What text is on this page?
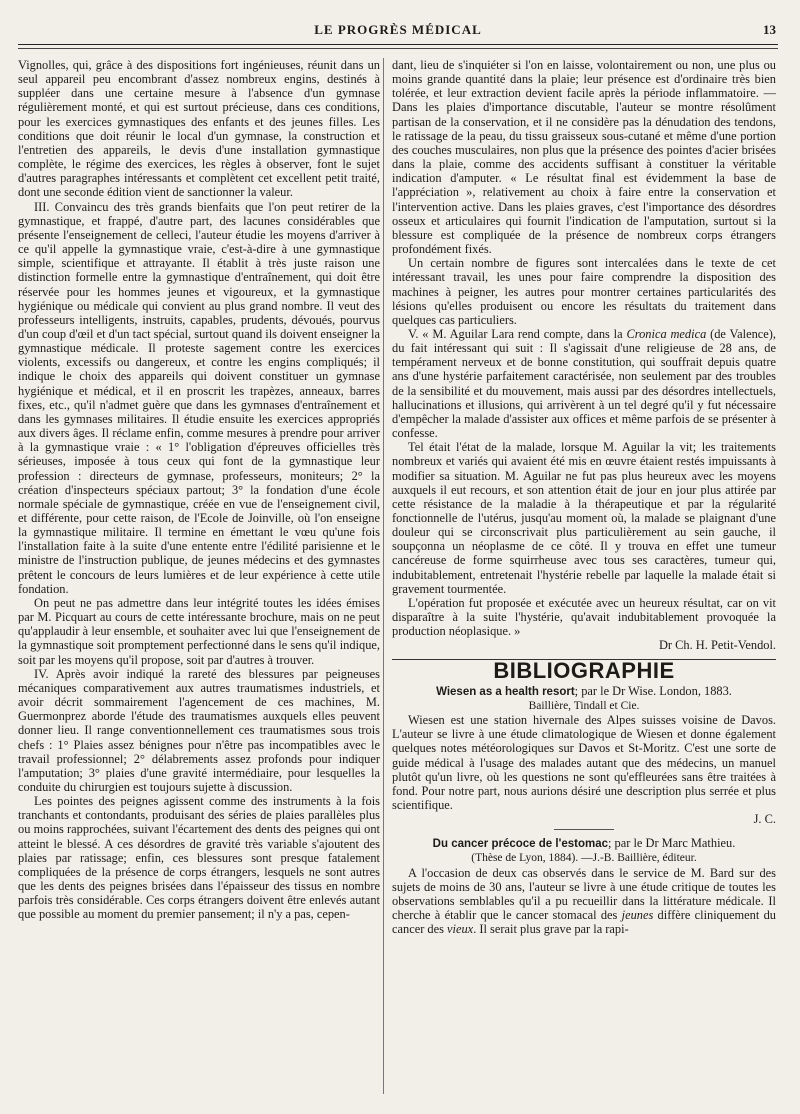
LE PROGRÈS MÉDICAL	13

Vignolles, qui, grâce à des dispositions fort ingénieuses, réunit dans un seul appareil peu encombrant d'assez nombreux engins, destinés à suppléer dans une certaine mesure à l'absence d'un gymnase régulièrement monté, et qui est surtout précieuse, dans ces conditions, pour les exercices gymnastiques des enfants et des jeunes filles. Les conditions que doit réunir le local d'un gymnase, la construction et l'entretien des appareils, le devis d'une installation gymnastique complète, le régime des exercices, les règles à observer, font le sujet d'autres paragraphes intéressants et complètent cet excellent petit traité, dont une seconde édition vient de sanctionner la valeur.

III. Convaincu des très grands bienfaits que l'on peut retirer de la gymnastique, et frappé, d'autre part, des lacunes considérables que présente l'enseignement de celleci, l'auteur étudie les moyens d'arriver à ce qu'il appelle la gymnastique vraie, c'est-à-dire à une gymnastique simple, scientifique et attrayante. Il établit à très juste raison une distinction formelle entre la gymnastique d'entraînement, qui doit être réservée pour les hommes jeunes et vigoureux, et la gymnastique hygiénique ou médicale qui convient au plus grand nombre. Il veut des professeurs intelligents, instruits, capables, prudents, dévoués, pourvus d'un coup d'œil et d'un tact spécial, surtout quand ils doivent enseigner la gymnastique médicale. Il proteste sagement contre les exercices violents, excessifs ou dangereux, et contre les engins compliqués; il indique le choix des appareils qui doivent constituer un gymnase hygiénique et médical, et il en proscrit les trapèzes, anneaux, barres fixes, etc., qu'il n'admet guère que dans les gymnases d'entraînement et dans les gymnases militaires. Il étudie ensuite les exercices appropriés aux divers âges. Il réclame enfin, comme mesures à prendre pour arriver à la gymnastique vraie : « 1° l'obligation d'épreuves officielles très sérieuses, imposée à tous ceux qui font de la gymnastique leur profession : directeurs de gymnase, professeurs, moniteurs; 2° la création d'inspecteurs spéciaux partout; 3° la fondation d'une école normale spéciale de gymnastique, créée en vue de l'enseignement civil, et différente, pour cette raison, de l'Ecole de Joinville, où l'on enseigne la gymnastique militaire. Il termine en émettant le vœu qu'une fois l'installation faite à la suite d'une entente entre l'édilité parisienne et le ministre de l'instruction publique, de jeunes médecins et des gymnastes prêtent le concours de leurs lumières et de leur expérience à cette utile fondation.

On peut ne pas admettre dans leur intégrité toutes les idées émises par M. Picquart au cours de cette intéressante brochure, mais on ne peut qu'applaudir à leur ensemble, et souhaiter avec lui que l'enseignement de la gymnastique soit promptement perfectionné dans le sens qu'il indique, soit par les moyens qu'il propose, soit par d'autres à trouver.

IV. Après avoir indiqué la rareté des blessures par peigneuses mécaniques comparativement aux autres traumatismes industriels, et avoir décrit sommairement l'agencement de ces machines, M. Guermonprez aborde l'étude des traumatismes auxquels elles peuvent donner lieu. Il range conventionnellement ces traumatismes sous trois chefs : 1° Plaies assez bénignes pour n'être pas incompatibles avec le travail professionnel; 2° délabrements assez profonds pour indiquer l'amputation; 3° plaies d'une gravité intermédiaire, pour lesquelles la conduite du chirurgien est toujours sujette à discussion.

Les pointes des peignes agissent comme des instruments à la fois tranchants et contondants, produisant des séries de plaies parallèles plus ou moins rapprochées, suivant l'écartement des dents des peignes qui ont atteint le blessé. A ces désordres de gravité très variable s'ajoutent des plaies par ratissage; enfin, ces blessures sont presque fatalement compliquées de la présence de corps étrangers, lesquels ne sont autres que les dents des peignes brisées dans l'épaisseur des tissus en nombre parfois très considérable. Ces corps étrangers doivent être enlevés autant que possible au moment du premier pansement; il n'y a pas, cepen-

dant, lieu de s'inquiéter si l'on en laisse, volontairement ou non, une plus ou moins grande quantité dans la plaie; leur présence est d'ordinaire très bien tolérée, et leur extraction devient facile après la période inflammatoire. — Dans les plaies d'importance discutable, l'auteur se montre résolûment partisan de la conservation, et il ne considère pas la dénudation des tendons, le ratissage de la peau, du tissu graisseux sous-cutané et même d'une portion des couches musculaires, non plus que la présence des pointes d'acier brisées dans la plaie, comme des accidents suffisant à constituer la véritable indication d'amputer. « Le résultat final est évidemment la base de l'appréciation », relativement au choix à faire entre la conservation et l'intervention active. Dans les plaies graves, c'est l'importance des désordres osseux et articulaires qui fournit l'indication de l'amputation, surtout si la blessure est compliquée de la présence de nombreux corps étrangers profondément fixés.

Un certain nombre de figures sont intercalées dans le texte de cet intéressant travail, les unes pour faire comprendre la disposition des machines à peigner, les autres pour montrer certaines particularités des lésions qu'elles produisent ou encore les résultats du traitement dans quelques cas particuliers.

V. « M. Aguilar Lara rend compte, dans la Cronica medica (de Valence), du fait intéressant qui suit : Il s'agissait d'une religieuse de 28 ans, de tempérament nerveux et de bonne constitution, qui souffrait depuis quatre ans d'une hystérie parfaitement caractérisée, non seulement par des troubles de la sensibilité et du mouvement, mais aussi par des désordres intellectuels, hallucinations et illusions, qui arrivèrent à un tel degré qu'il y fut nécessaire d'empêcher la malade d'assister aux offices et même parfois de se présenter à confesse.

Tel était l'état de la malade, lorsque M. Aguilar la vit; les traitements nombreux et variés qui avaient été mis en œuvre étaient restés impuissants à modifier sa situation. M. Aguilar ne fut pas plus heureux avec les moyens auxquels il eut recours, et son attention était de jour en jour plus attirée par cette résistance de la maladie à la thérapeutique et par la régularité fonctionnelle de l'utérus, jusqu'au moment où, la malade se plaignant d'une douleur qui se circonscrivait plus particulièrement au sein gauche, il soupçonna un néoplasme de ce côté. Il y trouva en effet une tumeur cancéreuse de forme squirrheuse avec tous ses caractères, tumeur qui, indubitablement, entretenait l'hystérie rebelle par laquelle la malade était si gravement tourmentée.

L'opération fut proposée et exécutée avec un heureux résultat, car on vit disparaître à la suite l'hystérie, qu'avait indubitablement provoquée la production néoplasique. »

Dr Ch. H. Petit-Vendol.

BIBLIOGRAPHIE

Wiesen as a health resort; par le Dr Wise. London, 1883.

Baillière, Tindall et Cie.

Wiesen est une station hivernale des Alpes suisses voisine de Davos. L'auteur se livre à une étude climatologique de Wiesen et donne également quelques notes météorologiques sur Davos et St-Moritz. C'est une sorte de guide médical à l'usage des malades autant que des médecins, un manuel plutôt qu'un livre, où les questions ne sont qu'effleurées sans être traitées à fond. Pour notre part, nous aurions désiré une description plus serrée et plus scientifique.

J. C.

Du cancer précoce de l'estomac; par le Dr Marc Mathieu.

(Thèse de Lyon, 1884). —J.-B. Baillière, éditeur.

A l'occasion de deux cas observés dans le service de M. Bard sur des sujets de moins de 30 ans, l'auteur se livre à une étude critique de toutes les observations semblables qu'il a pu recueillir dans la littérature médicale. Il cherche à établir que le cancer stomacal des jeunes diffère cliniquement du cancer des vieux. Il serait plus grave par la rapi-
